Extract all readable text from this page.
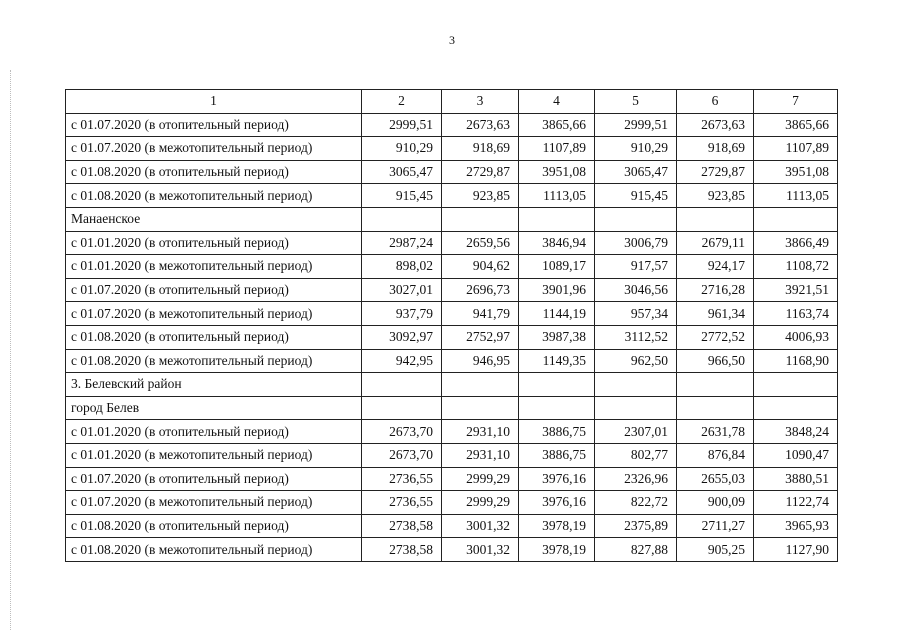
3
1	2	3	4	5	6	7
с 01.07.2020 (в отопительный период)	2999,51	2673,63	3865,66	2999,51	2673,63	3865,66
с 01.07.2020 (в межотопительный период)	910,29	918,69	1107,89	910,29	918,69	1107,89
с 01.08.2020 (в отопительный период)	3065,47	2729,87	3951,08	3065,47	2729,87	3951,08
с 01.08.2020 (в межотопительный период)	915,45	923,85	1113,05	915,45	923,85	1113,05
Манаенское						
с 01.01.2020 (в отопительный период)	2987,24	2659,56	3846,94	3006,79	2679,11	3866,49
с 01.01.2020 (в межотопительный период)	898,02	904,62	1089,17	917,57	924,17	1108,72
с 01.07.2020 (в отопительный период)	3027,01	2696,73	3901,96	3046,56	2716,28	3921,51
с 01.07.2020 (в межотопительный период)	937,79	941,79	1144,19	957,34	961,34	1163,74
с 01.08.2020 (в отопительный период)	3092,97	2752,97	3987,38	3112,52	2772,52	4006,93
с 01.08.2020 (в межотопительный период)	942,95	946,95	1149,35	962,50	966,50	1168,90
3. Белевский район						
город Белев						
с 01.01.2020 (в отопительный период)	2673,70	2931,10	3886,75	2307,01	2631,78	3848,24
с 01.01.2020 (в межотопительный период)	2673,70	2931,10	3886,75	802,77	876,84	1090,47
с 01.07.2020 (в отопительный период)	2736,55	2999,29	3976,16	2326,96	2655,03	3880,51
с 01.07.2020 (в межотопительный период)	2736,55	2999,29	3976,16	822,72	900,09	1122,74
с 01.08.2020 (в отопительный период)	2738,58	3001,32	3978,19	2375,89	2711,27	3965,93
с 01.08.2020 (в межотопительный период)	2738,58	3001,32	3978,19	827,88	905,25	1127,90
